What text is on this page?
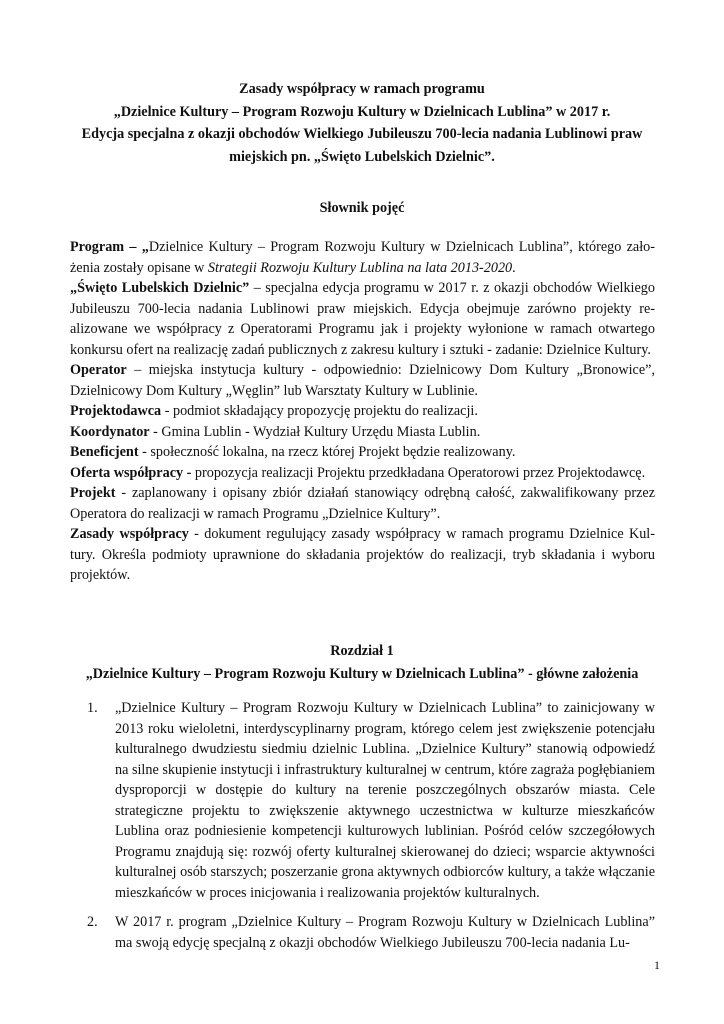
Zasady współpracy w ramach programu
„Dzielnice Kultury – Program Rozwoju Kultury w Dzielnicach Lublina” w 2017 r.
Edycja specjalna z okazji obchodów Wielkiego Jubileuszu 700-lecia nadania Lublinowi praw
miejskich pn. „Święto Lubelskich Dzielnic”.
Słownik pojęć

Program – „Dzielnice Kultury – Program Rozwoju Kultury w Dzielnicach Lublina”, którego założenia zostały opisane w Strategii Rozwoju Kultury Lublina na lata 2013-2020.

„Święto Lubelskich Dzielnic” – specjalna edycja programu w 2017 r. z okazji obchodów Wielkiego Jubileuszu 700-lecia nadania Lublinowi praw miejskich. Edycja obejmuje zarówno projekty realizowane we współpracy z Operatorami Programu jak i projekty wyłonione w ramach otwartego konkursu ofert na realizację zadań publicznych z zakresu kultury i sztuki - zadanie: Dzielnice Kultury.

Operator – miejska instytucja kultury - odpowiednio: Dzielnicowy Dom Kultury „Bronowice”, Dzielnicowy Dom Kultury „Węglin” lub Warsztaty Kultury w Lublinie.

Projektodawca - podmiot składający propozycję projektu do realizacji.

Koordynator - Gmina Lublin - Wydział Kultury Urzędu Miasta Lublin.

Beneficjent - społeczność lokalna, na rzecz której Projekt będzie realizowany.

Oferta współpracy - propozycja realizacji Projektu przedkładana Operatorowi przez Projektodawcę.

Projekt - zaplanowany i opisany zbiór działań stanowiący odrębną całość, zakwalifikowany przez Operatora do realizacji w ramach Programu „Dzielnice Kultury”.

Zasady współpracy - dokument regulujący zasady współpracy w ramach programu Dzielnice Kultury. Określa podmioty uprawnione do składania projektów do realizacji, tryb składania i wyboru projektów.

Rozdział 1
„Dzielnice Kultury – Program Rozwoju Kultury w Dzielnicach Lublina” - główne założenia
1. „Dzielnice Kultury – Program Rozwoju Kultury w Dzielnicach Lublina” to zainicjowany w 2013 roku wieloletni, interdyscyplinarny program, którego celem jest zwiększenie potencjału kulturalnego dwudziestu siedmiu dzielnic Lublina. „Dzielnice Kultury” stanowią odpowiedź na silne skupienie instytucji i infrastruktury kulturalnej w centrum, które zagraża pogłębianiem dysproporcji w dostępie do kultury na terenie poszczególnych obszarów miasta. Cele strategiczne projektu to zwiększenie aktywnego uczestnictwa w kulturze mieszkańców Lublina oraz podniesienie kompetencji kulturowych lublinian. Pośród celów szczegółowych Programu znajdują się: rozwój oferty kulturalnej skierowanej do dzieci; wsparcie aktywności kulturalnej osób starszych; poszerzanie grona aktywnych odbiorców kultury, a także włączanie mieszkańców w proces inicjowania i realizowania projektów kulturalnych.

2. W 2017 r. program „Dzielnice Kultury – Program Rozwoju Kultury w Dzielnicach Lublina” ma swoją edycję specjalną z okazji obchodów Wielkiego Jubileuszu 700-lecia nadania Lu-

1
